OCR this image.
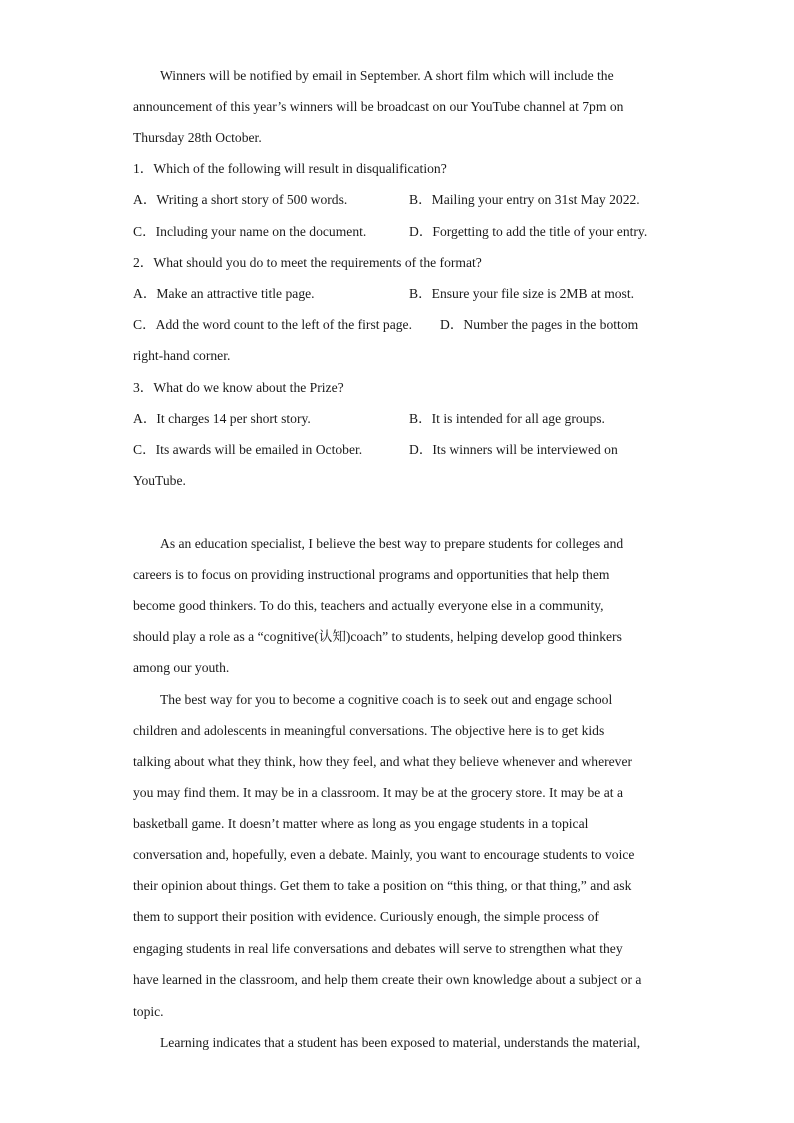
Winners will be notified by email in September. A short film which will include the
announcement of this year’s winners will be broadcast on our YouTube channel at 7pm on
Thursday 28th October.
1．Which of the following will result in disqualification?
A．Writing a short story of 500 words.	B．Mailing your entry on 31st May 2022.
C．Including your name on the document.	D．Forgetting to add the title of your entry.
2．What should you do to meet the requirements of the format?
A．Make an attractive title page.	B．Ensure your file size is 2MB at most.
C．Add the word count to the left of the first page. D．Number the pages in the bottom
right-hand corner.
3．What do we know about the Prize?
A．It charges 14 per short story.	B．It is intended for all age groups.
C．Its awards will be emailed in October.	D．Its winners will be interviewed on
YouTube.
As an education specialist, I believe the best way to prepare students for colleges and
careers is to focus on providing instructional programs and opportunities that help them
become good thinkers. To do this, teachers and actually everyone else in a community,
should play a role as a “cognitive(认知)coach” to students, helping develop good thinkers
among our youth.
The best way for you to become a cognitive coach is to seek out and engage school
children and adolescents in meaningful conversations. The objective here is to get kids
talking about what they think, how they feel, and what they believe whenever and wherever
you may find them. It may be in a classroom. It may be at the grocery store. It may be at a
basketball game. It doesn’t matter where as long as you engage students in a topical
conversation and, hopefully, even a debate. Mainly, you want to encourage students to voice
their opinion about things. Get them to take a position on “this thing, or that thing,” and ask
them to support their position with evidence. Curiously enough, the simple process of
engaging students in real life conversations and debates will serve to strengthen what they
have learned in the classroom, and help them create their own knowledge about a subject or a
topic.
Learning indicates that a student has been exposed to material, understands the material,
